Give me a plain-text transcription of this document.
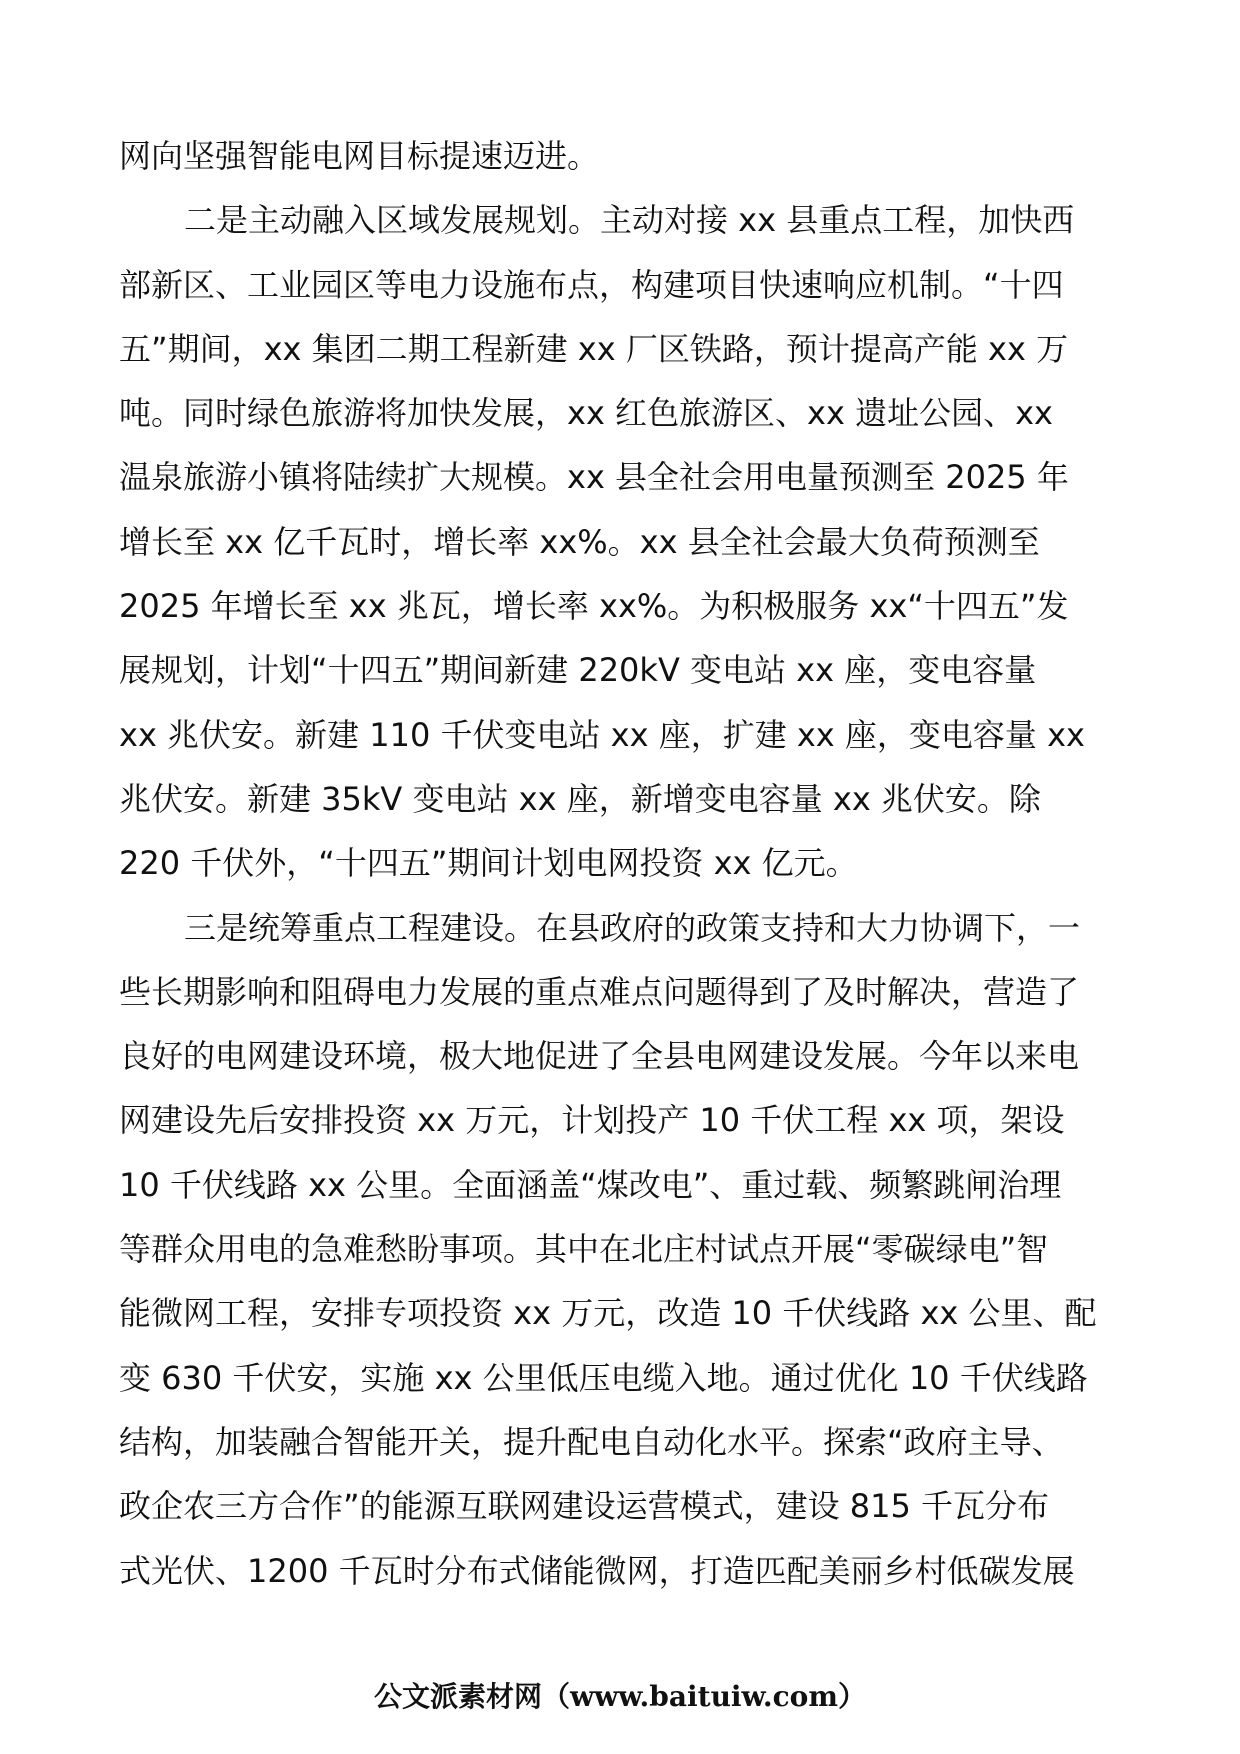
网向坚强智能电网目标提速迈进。
二是主动融入区域发展规划。主动对接 xx 县重点工程，加快西
部新区、工业园区等电力设施布点，构建项目快速响应机制。“十四
五”期间，xx 集团二期工程新建 xx 厂区铁路，预计提高产能 xx 万
吨。同时绿色旅游将加快发展，xx 红色旅游区、xx 遗址公园、xx
温泉旅游小镇将陆续扩大规模。xx 县全社会用电量预测至 2025 年
增长至 xx 亿千瓦时，增长率 xx%。xx 县全社会最大负荷预测至
2025 年增长至 xx 兆瓦，增长率 xx%。为积极服务 xx“十四五”发
展规划，计划“十四五”期间新建 220kV 变电站 xx 座，变电容量
xx 兆伏安。新建 110 千伏变电站 xx 座，扩建 xx 座，变电容量 xx
兆伏安。新建 35kV 变电站 xx 座，新增变电容量 xx 兆伏安。除
220 千伏外，“十四五”期间计划电网投资 xx 亿元。
三是统筹重点工程建设。在县政府的政策支持和大力协调下，一
些长期影响和阻碍电力发展的重点难点问题得到了及时解决，营造了
良好的电网建设环境，极大地促进了全县电网建设发展。今年以来电
网建设先后安排投资 xx 万元，计划投产 10 千伏工程 xx 项，架设
10 千伏线路 xx 公里。全面涵盖“煤改电”、重过载、频繁跳闸治理
等群众用电的急难愁盼事项。其中在北庄村试点开展“零碳绿电”智
能微网工程，安排专项投资 xx 万元，改造 10 千伏线路 xx 公里、配
变 630 千伏安，实施 xx 公里低压电缆入地。通过优化 10 千伏线路
结构，加装融合智能开关，提升配电自动化水平。探索“政府主导、
政企农三方合作”的能源互联网建设运营模式，建设 815 千瓦分布
式光伏、1200 千瓦时分布式储能微网，打造匹配美丽乡村低碳发展
公文派素材网（www.baituiw.com）
